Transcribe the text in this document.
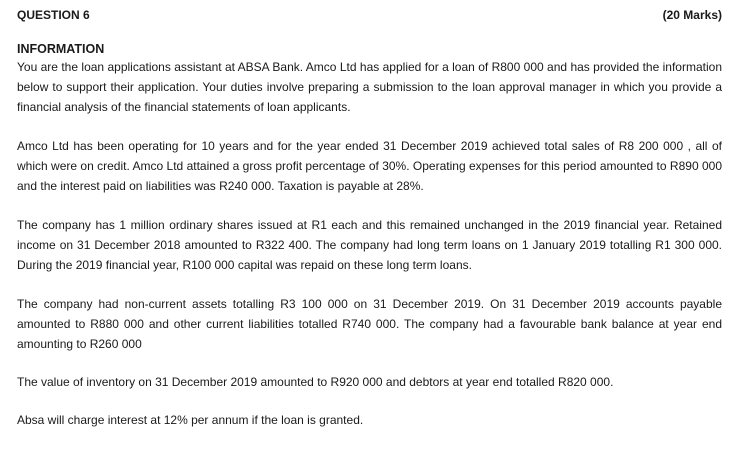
QUESTION 6	(20 Marks)
INFORMATION

You are the loan applications assistant at ABSA Bank. Amco Ltd has applied for a loan of R800 000 and has provided the information below to support their application. Your duties involve preparing a submission to the loan approval manager in which you provide a financial analysis of the financial statements of loan applicants.

Amco Ltd has been operating for 10 years and for the year ended 31 December 2019 achieved total sales of R8 200 000 , all of which were on credit. Amco Ltd attained a gross profit percentage of 30%. Operating expenses for this period amounted to R890 000 and the interest paid on liabilities was R240 000. Taxation is payable at 28%.

The company has 1 million ordinary shares issued at R1 each and this remained unchanged in the 2019 financial year. Retained income on 31 December 2018 amounted to R322 400. The company had long term loans on 1 January 2019 totalling R1 300 000. During the 2019 financial year, R100 000 capital was repaid on these long term loans.

The company had non-current assets totalling R3 100 000 on 31 December 2019. On 31 December 2019 accounts payable amounted to R880 000 and other current liabilities totalled R740 000. The company had a favourable bank balance at year end amounting to R260 000

The value of inventory on 31 December 2019 amounted to R920 000 and debtors at year end totalled R820 000.

Absa will charge interest at 12% per annum if the loan is granted.
